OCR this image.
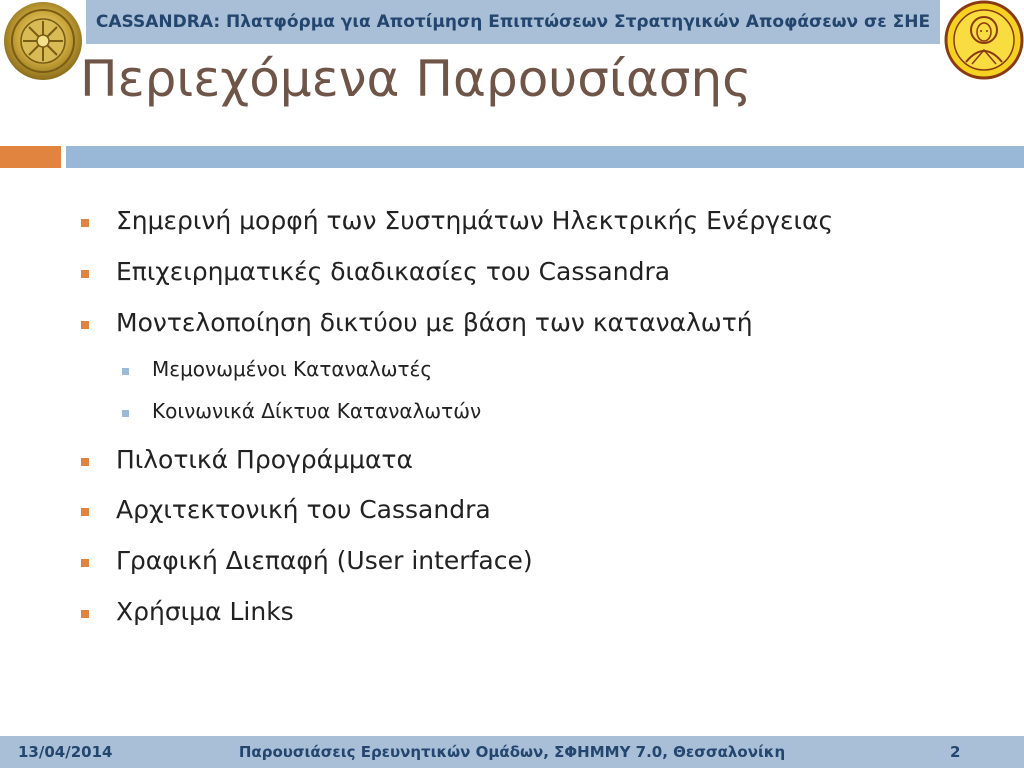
CASSANDRA: Πλατφόρμα για Αποτίμηση Επιπτώσεων Στρατηγικών Αποφάσεων σε ΣΗΕ
Περιεχόμενα Παρουσίασης
Σημερινή μορφή των Συστημάτων Ηλεκτρικής Ενέργειας
Επιχειρηματικές διαδικασίες του Cassandra
Μοντελοποίηση δικτύου με βάση των καταναλωτή
Μεμονωμένοι Καταναλωτές
Κοινωνικά Δίκτυα Καταναλωτών
Πιλοτικά Προγράμματα
Αρχιτεκτονική του Cassandra
Γραφική Διεπαφή (User interface)
Χρήσιμα Links
13/04/2014	Παρουσιάσεις Ερευνητικών Ομάδων, ΣΦΗΜΜΥ 7.0, Θεσσαλονίκη	2
